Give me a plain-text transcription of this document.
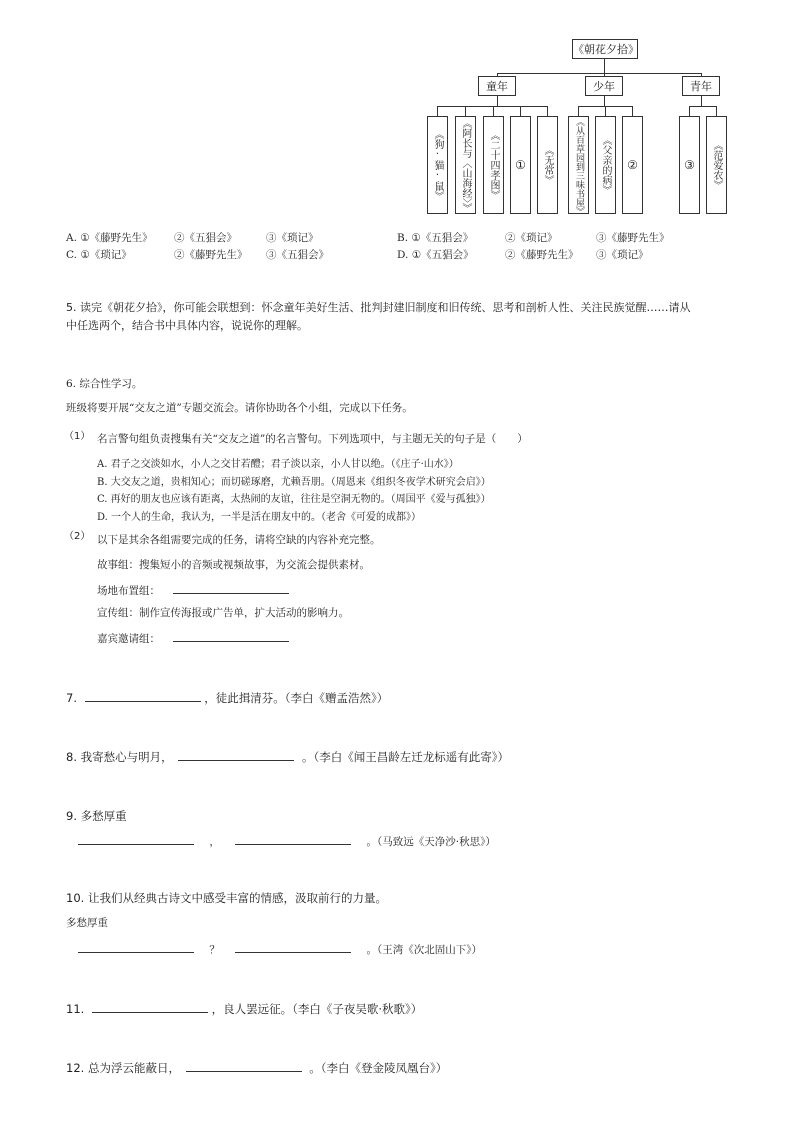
《朝花夕拾》
童年	少年	青年
《狗·猫·鼠》 《阿长与〈山海经〉》 《二十四孝图》 ① 《无常》 《从百草园到三味书屋》 《父亲的病》 ②	③ 《范爱农》
A. ①《藤野先生》 ②《五猖会》	③《琐记》	B. ①《五猖会》	②《琐记》	③《藤野先生》
C. ①《琐记》	②《藤野先生》 ③《五猖会》	D. ①《五猖会》	②《藤野先生》 ③《琐记》
5. 读完《朝花夕拾》，你可能会联想到：怀念童年美好生活、批判封建旧制度和旧传统、思考和剖析人性、关注民族觉醒……请从
中任选两个，结合书中具体内容，说说你的理解。
6. 综合性学习。
班级将要开展“交友之道”专题交流会。请你协助各个小组，完成以下任务。
（1） 名言警句组负责搜集有关“交友之道”的名言警句。下列选项中，与主题无关的句子是（　　）
A. 君子之交淡如水，小人之交甘若醴；君子淡以亲，小人甘以绝。（《庄子·山水》）
B. 大交友之道，贵相知心；而切磋琢磨，尤赖吾朋。（周恩来《组织冬夜学术研究会启》）
C. 再好的朋友也应该有距离，太热闹的友谊，往往是空洞无物的。（周国平《爱与孤独》）
D. 一个人的生命，我认为，一半是活在朋友中的。（老舍《可爱的成都》）
（2） 以下是其余各组需要完成的任务，请将空缺的内容补充完整。
故事组：搜集短小的音频或视频故事，为交流会提供素材。
场地布置组：
宣传组：制作宣传海报或广告单，扩大活动的影响力。
嘉宾邀请组：
7.	，徒此揖清芬。（李白《赠孟浩然》）
8. 我寄愁心与明月，	。（李白《闻王昌龄左迁龙标遥有此寄》）
9. 多愁厚重
，	。（马致远《天净沙·秋思》）
10. 让我们从经典古诗文中感受丰富的情感，汲取前行的力量。
多愁厚重
？	。（王湾《次北固山下》）
11.	，良人罢远征。（李白《子夜吴歌·秋歌》）
12. 总为浮云能蔽日，	。（李白《登金陵凤凰台》）
